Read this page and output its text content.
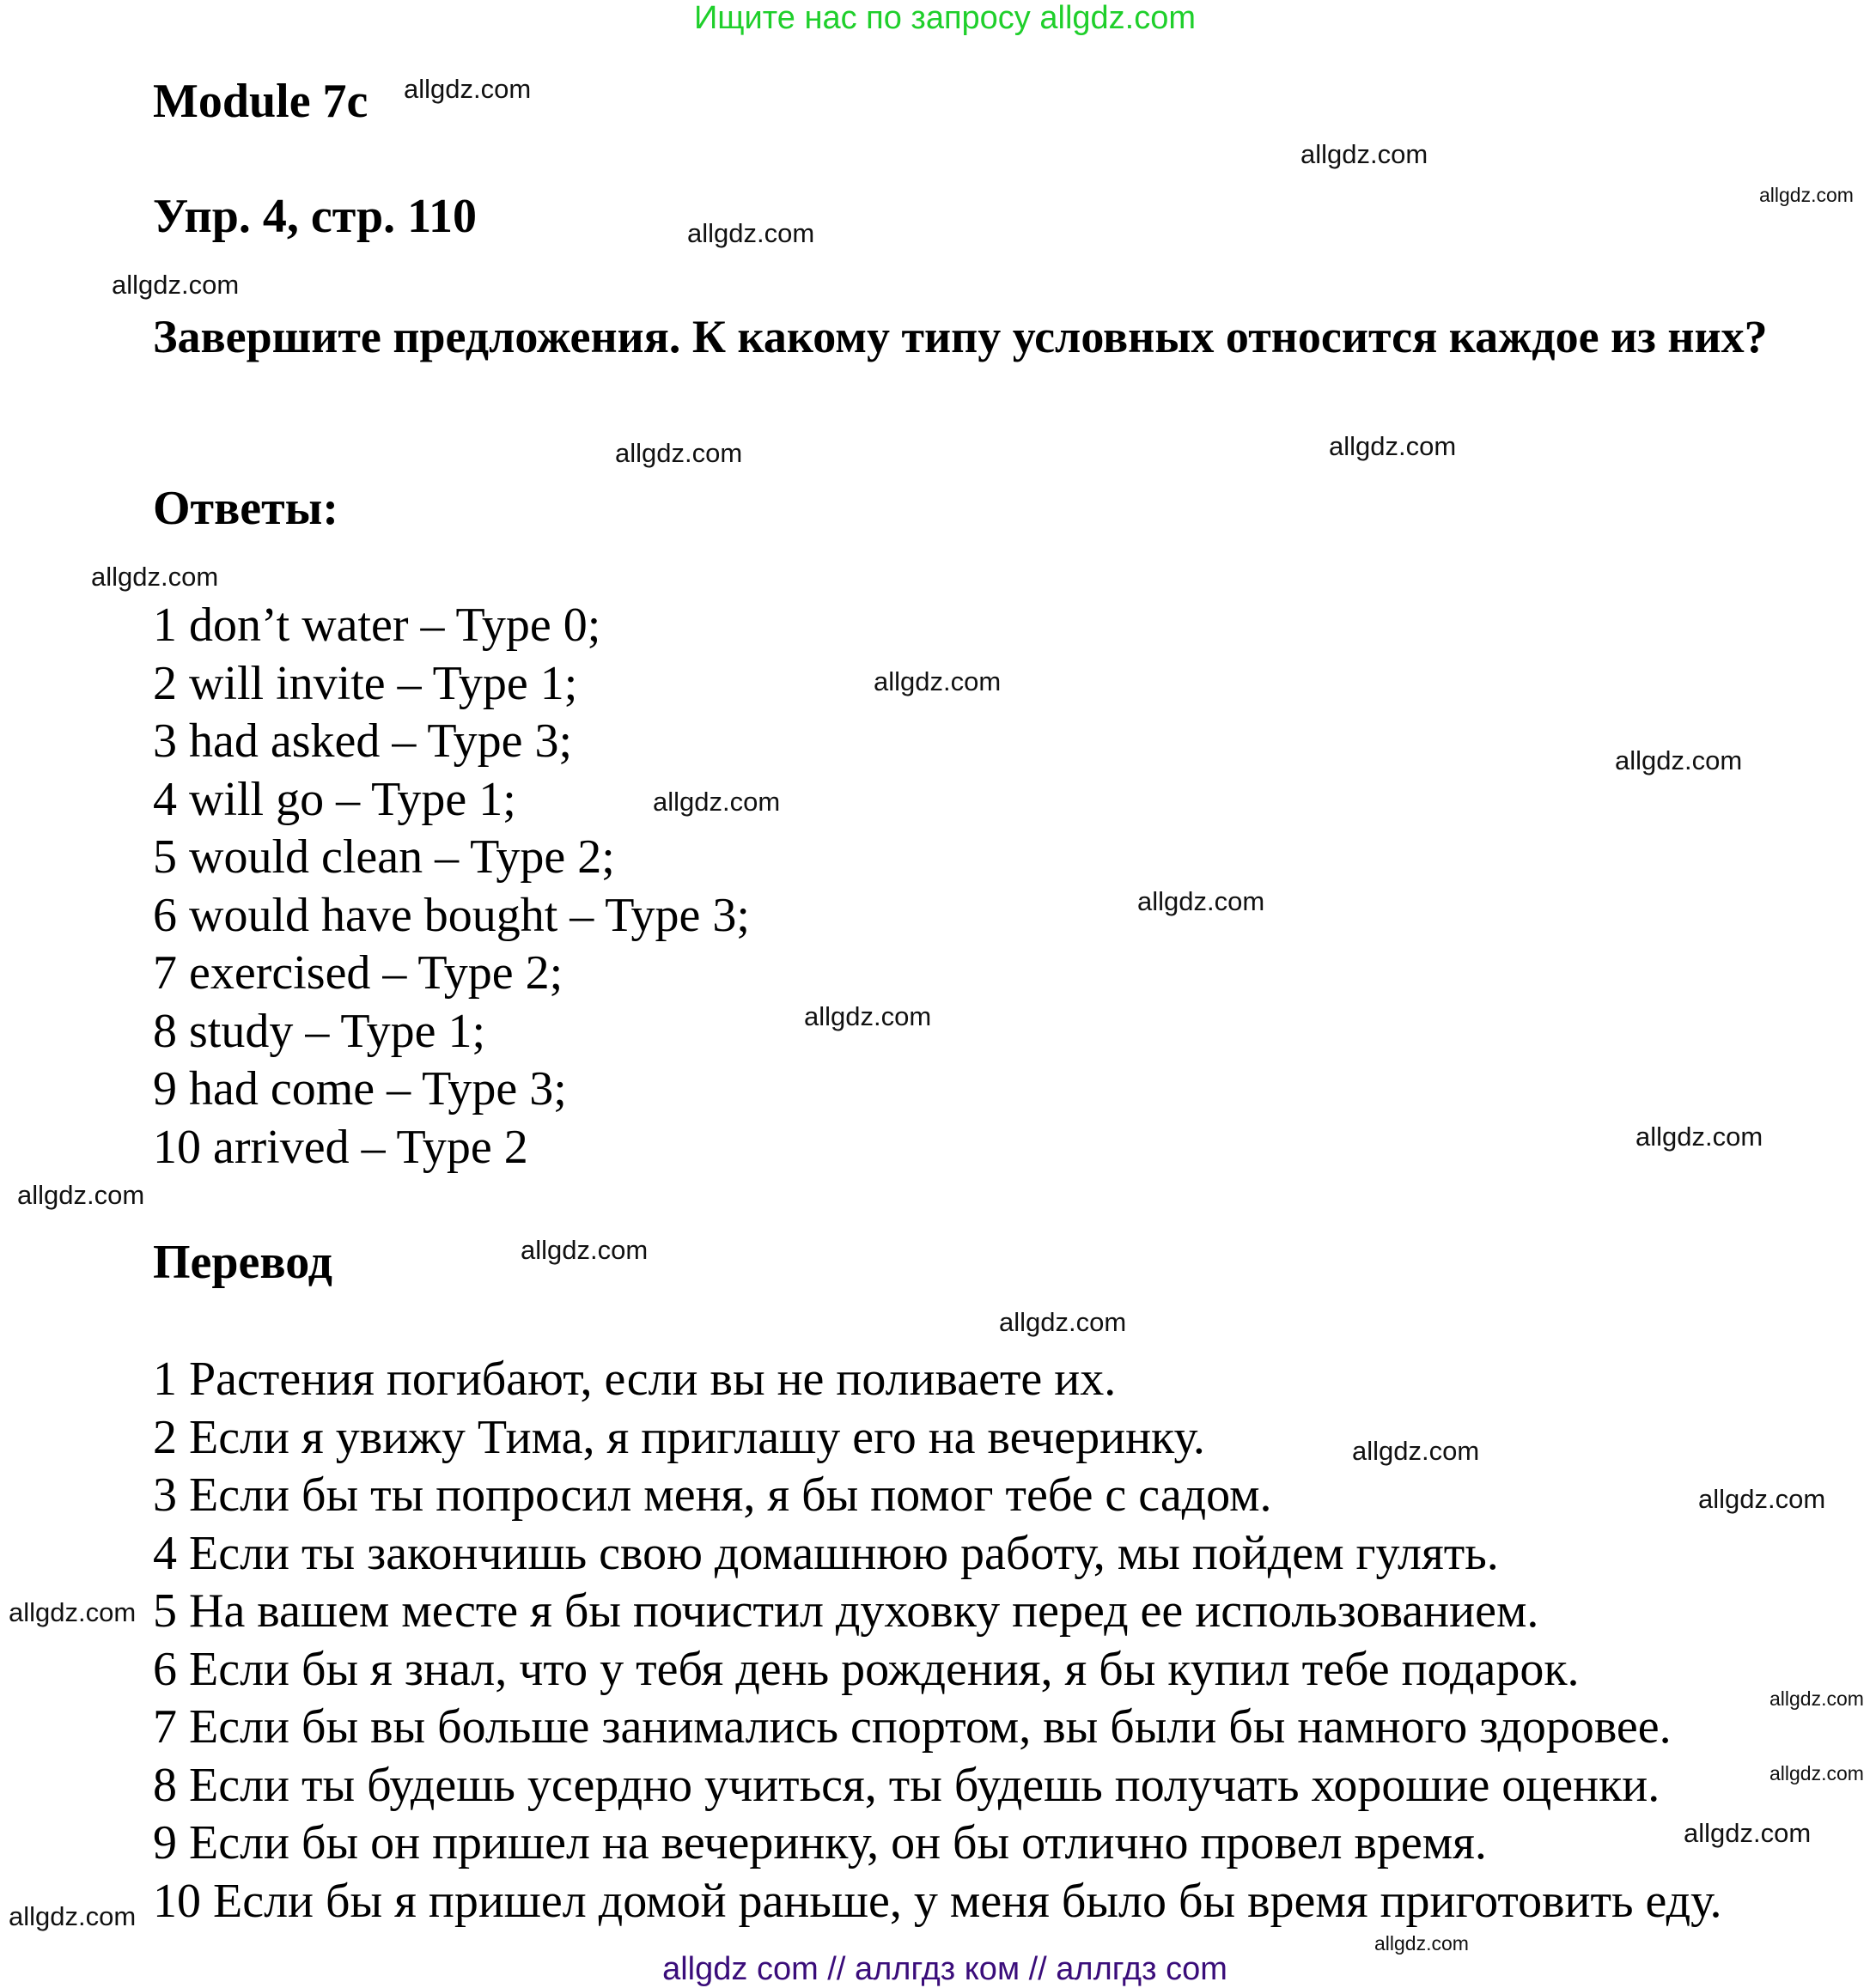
Ищите нас по запросу allgdz.com
Module 7c
Упр. 4, стр. 110
Завершите предложения. К какому типу условных относится каждое из них?
Ответы:
1 don’t water – Type 0;
2 will invite – Type 1;
3 had asked – Type 3;
4 will go – Type 1;
5 would clean – Type 2;
6 would have bought – Type 3;
7 exercised – Type 2;
8 study – Type 1;
9 had come – Type 3;
10 arrived – Type 2
Перевод
1 Растения погибают, если вы не поливаете их.
2 Если я увижу Тима, я приглашу его на вечеринку.
3 Если бы ты попросил меня, я бы помог тебе с садом.
4 Если ты закончишь свою домашнюю работу, мы пойдем гулять.
5 На вашем месте я бы почистил духовку перед ее использованием.
6 Если бы я знал, что у тебя день рождения, я бы купил тебе подарок.
7 Если бы вы больше занимались спортом, вы были бы намного здоровее.
8 Если ты будешь усердно учиться, ты будешь получать хорошие оценки.
9 Если бы он пришел на вечеринку, он бы отлично провел время.
10 Если бы я пришел домой раньше, у меня было бы время приготовить еду.
allgdz.com
allgdz.com
allgdz.com
allgdz.com
allgdz.com
allgdz.com
allgdz.com
allgdz.com
allgdz.com
allgdz.com
allgdz.com
allgdz.com
allgdz.com
allgdz.com
allgdz.com
allgdz.com
allgdz.com
allgdz.com
allgdz.com
allgdz.com
allgdz.com
allgdz.com
allgdz.com
allgdz.com
allgdz.com
allgdz com // аллгдз ком // аллгдз com
